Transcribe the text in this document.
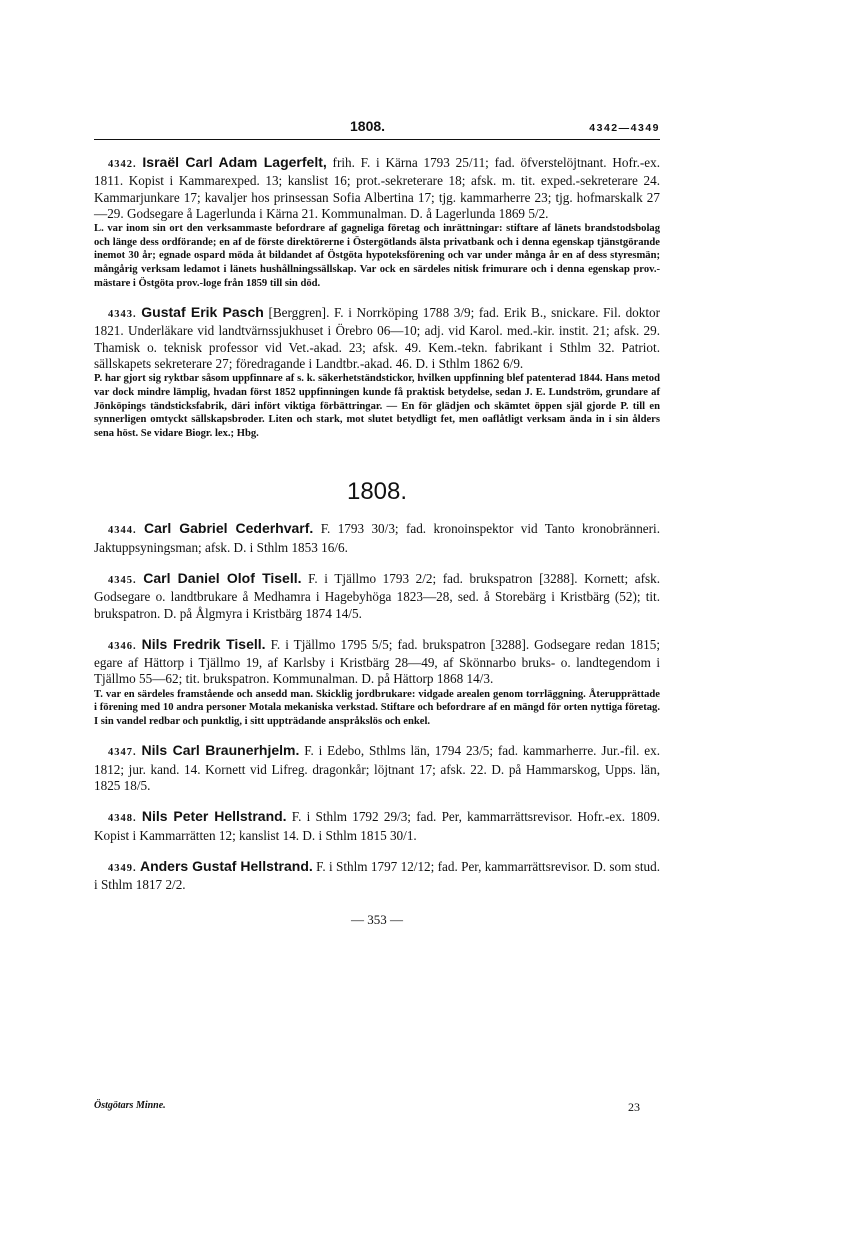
1808.	4342—4349

4342. Israël Carl Adam Lagerfelt, frih. F. i Kärna 1793 25/11; fad. öfverstelöjtnant. Hofr.-ex. 1811. Kopist i Kammarexped. 13; kanslist 16; prot.-sekreterare 18; afsk. m. tit. exped.-sekreterare 24. Kammarjunkare 17; kavaljer hos prinsessan Sofia Albertina 17; tjg. kammarherre 23; tjg. hofmarskalk 27—29. Godsegare å Lagerlunda i Kärna 21. Kommunalman. D. å Lagerlunda 1869 5/2.

L. var inom sin ort den verksammaste befordrare af gagneliga företag och inrättningar: stiftare af länets brandstodsbolag och länge dess ordförande; en af de förste direktörerne i Östergötlands älsta privatbank och i denna egenskap tjänstgörande inemot 30 år; egnade ospard möda åt bildandet af Östgöta hypoteksförening och var under många år en af dess styresmän; mångårig verksam ledamot i länets hushållningssällskap. Var ock en särdeles nitisk frimurare och i denna egenskap prov.-mästare i Östgöta prov.-loge från 1859 till sin död.

4343. Gustaf Erik Pasch [Berggren]. F. i Norrköping 1788 3/9; fad. Erik B., snickare. Fil. doktor 1821. Underläkare vid landtvärnssjukhuset i Örebro 06—10; adj. vid Karol. med.-kir. instit. 21; afsk. 29. Thamisk o. teknisk professor vid Vet.-akad. 23; afsk. 49. Kem.-tekn. fabrikant i Sthlm 32. Patriot. sällskapets sekreterare 27; föredragande i Landtbr.-akad. 46. D. i Sthlm 1862 6/9.

P. har gjort sig ryktbar såsom uppfinnare af s. k. säkerhetständstickor, hvilken uppfinning blef patenterad 1844. Hans metod var dock mindre lämplig, hvadan först 1852 uppfinningen kunde få praktisk betydelse, sedan J. E. Lundström, grundare af Jönköpings tändsticksfabrik, däri infört viktiga förbättringar. — En för glädjen och skämtet öppen själ gjorde P. till en synnerligen omtyckt sällskapsbroder. Liten och stark, mot slutet betydligt fet, men oaflåtligt verksam ända in i sin ålders sena höst. Se vidare Biogr. lex.; Hbg.

1808.

4344. Carl Gabriel Cederhvarf. F. 1793 30/3; fad. kronoinspektor vid Tanto kronobränneri. Jaktuppsyningsman; afsk. D. i Sthlm 1853 16/6.

4345. Carl Daniel Olof Tisell. F. i Tjällmo 1793 2/2; fad. brukspatron [3288]. Kornett; afsk. Godsegare o. landtbrukare å Medhamra i Hagebyhöga 1823—28, sed. å Storebärg i Kristbärg (52); tit. brukspatron. D. på Ålgmyra i Kristbärg 1874 14/5.

4346. Nils Fredrik Tisell. F. i Tjällmo 1795 5/5; fad. brukspatron [3288]. Godsegare redan 1815; egare af Hättorp i Tjällmo 19, af Karlsby i Kristbärg 28—49, af Skönnarbo bruks- o. landtegendom i Tjällmo 55—62; tit. brukspatron. Kommunalman. D. på Hättorp 1868 14/3.

T. var en särdeles framstående och ansedd man. Skicklig jordbrukare: vidgade arealen genom torrläggning. Återupprättade i förening med 10 andra personer Motala mekaniska verkstad. Stiftare och befordrare af en mängd för orten nyttiga företag. I sin vandel redbar och punktlig, i sitt uppträdande anspråkslös och enkel.

4347. Nils Carl Braunerhjelm. F. i Edebo, Sthlms län, 1794 23/5; fad. kammarherre. Jur.-fil. ex. 1812; jur. kand. 14. Kornett vid Lifreg. dragonkår; löjtnant 17; afsk. 22. D. på Hammarskog, Upps. län, 1825 18/5.

4348. Nils Peter Hellstrand. F. i Sthlm 1792 29/3; fad. Per, kammarrättsrevisor. Hofr.-ex. 1809. Kopist i Kammarrätten 12; kanslist 14. D. i Sthlm 1815 30/1.

4349. Anders Gustaf Hellstrand. F. i Sthlm 1797 12/12; fad. Per, kammarrättsrevisor. D. som stud. i Sthlm 1817 2/2.

— 353 —
Östgötars Minne.	23
